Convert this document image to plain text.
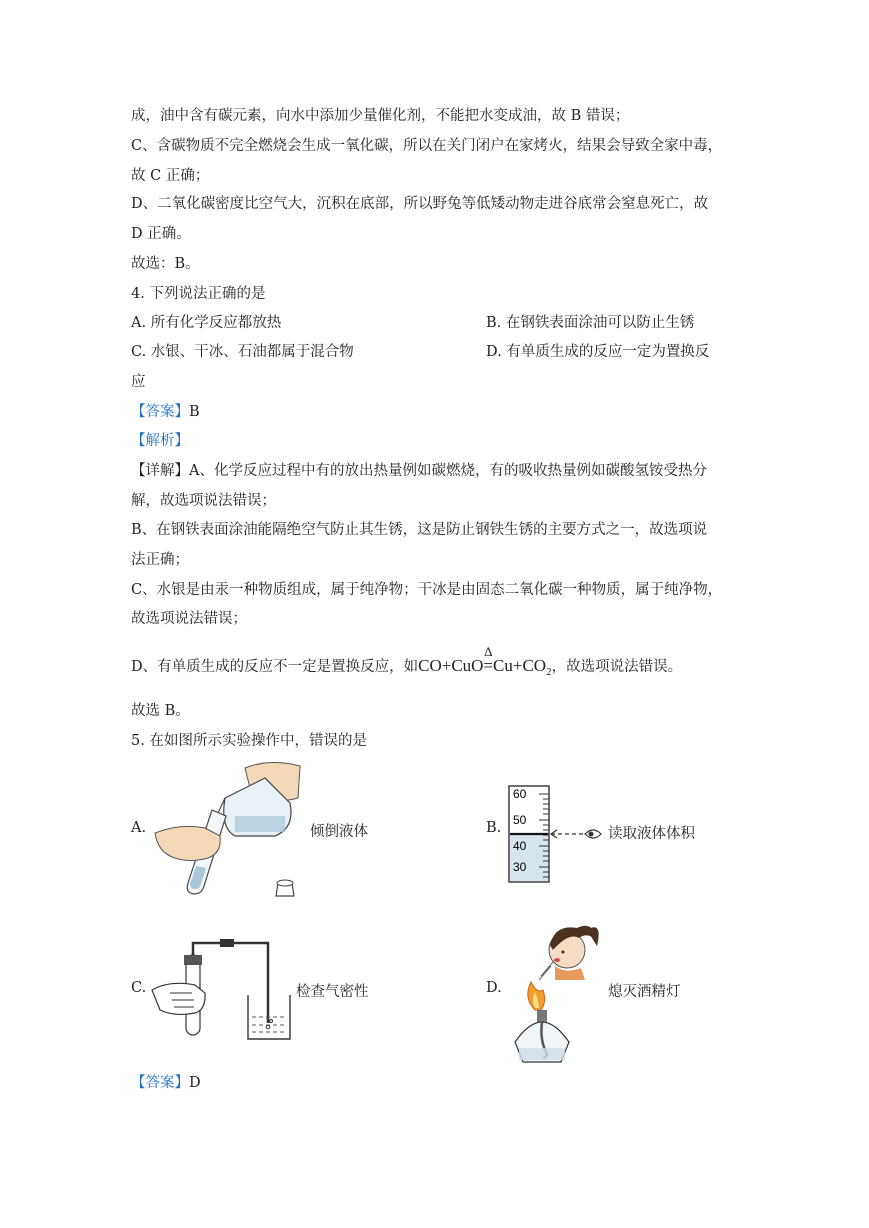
成，油中含有碳元素，向水中添加少量催化剂，不能把水变成油，故 B 错误；
C、含碳物质不完全燃烧会生成一氧化碳，所以在关门闭户在家烤火，结果会导致全家中毒，
故 C 正确；
D、二氧化碳密度比空气大，沉积在底部，所以野兔等低矮动物走进谷底常会窒息死亡，故
D 正确。
故选：B。
4. 下列说法正确的是
A. 所有化学反应都放热	B. 在钢铁表面涂油可以防止生锈
C. 水银、干冰、石油都属于混合物	D. 有单质生成的反应一定为置换反
应
【答案】B
【解析】
【详解】A、化学反应过程中有的放出热量例如碳燃烧，有的吸收热量例如碳酸氢铵受热分
解，故选项说法错误；
B、在钢铁表面涂油能隔绝空气防止其生锈，这是防止钢铁生锈的主要方式之一，故选项说
法正确；
C、水银是由汞一种物质组成，属于纯净物；干冰是由固态二氧化碳一种物质，属于纯净物，
故选项说法错误；
D、有单质生成的反应不一定是置换反应，如CO+CuO
Δ
$=Cu+CO_2$，故选项说法错误。
故选 B。
5. 在如图所示实验操作中，错误的是
A.	倾倒液体	B.
60
50
40
30
读取液体体积
C.	检查气密性	D.	熄灭酒精灯
【答案】D
